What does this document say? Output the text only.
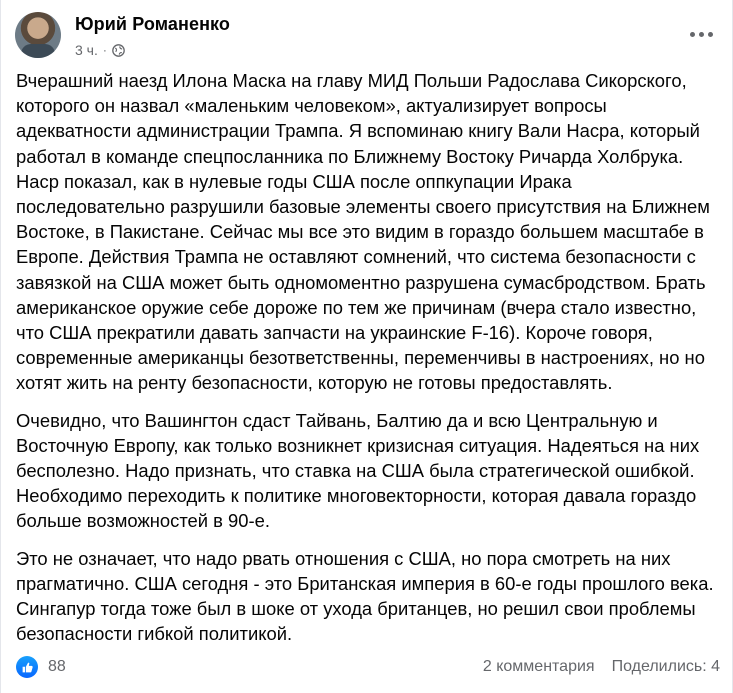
Юрий Романенко
3 ч. ·

Вчерашний наезд Илона Маска на главу МИД Польши Радослава Сикорского,
которого он назвал «маленьким человеком», актуализирует вопросы
адекватности администрации Трампа. Я вспоминаю книгу Вали Насра, который
работал в команде спецпосланника по Ближнему Востоку Ричарда Холбрука.
Наср показал, как в нулевые годы США после оппкупации Ирака
последовательно разрушили базовые элементы своего присутствия на Ближнем
Востоке, в Пакистане. Сейчас мы все это видим в гораздо большем масштабе в
Европе. Действия Трампа не оставляют сомнений, что система безопасности с
завязкой на США может быть одномоментно разрушена сумасбродством. Брать
американское оружие себе дороже по тем же причинам (вчера стало известно,
что США прекратили давать запчасти на украинские F-16). Короче говоря,
современные американцы безответственны, переменчивы в настроениях, но но
хотят жить на ренту безопасности, которую не готовы предоставлять.

Очевидно, что Вашингтон сдаст Тайвань, Балтию да и всю Центральную и
Восточную Европу, как только возникнет кризисная ситуация. Надеяться на них
бесполезно. Надо признать, что ставка на США была стратегической ошибкой.
Необходимо переходить к политике многовекторности, которая давала гораздо
больше возможностей в 90-е.

Это не означает, что надо рвать отношения с США, но пора смотреть на них
прагматично. США сегодня - это Британская империя в 60-е годы прошлого века.
Сингапур тогда тоже был в шоке от ухода британцев, но решил свои проблемы
безопасности гибкой политикой.

88	2 комментария Поделились: 4
